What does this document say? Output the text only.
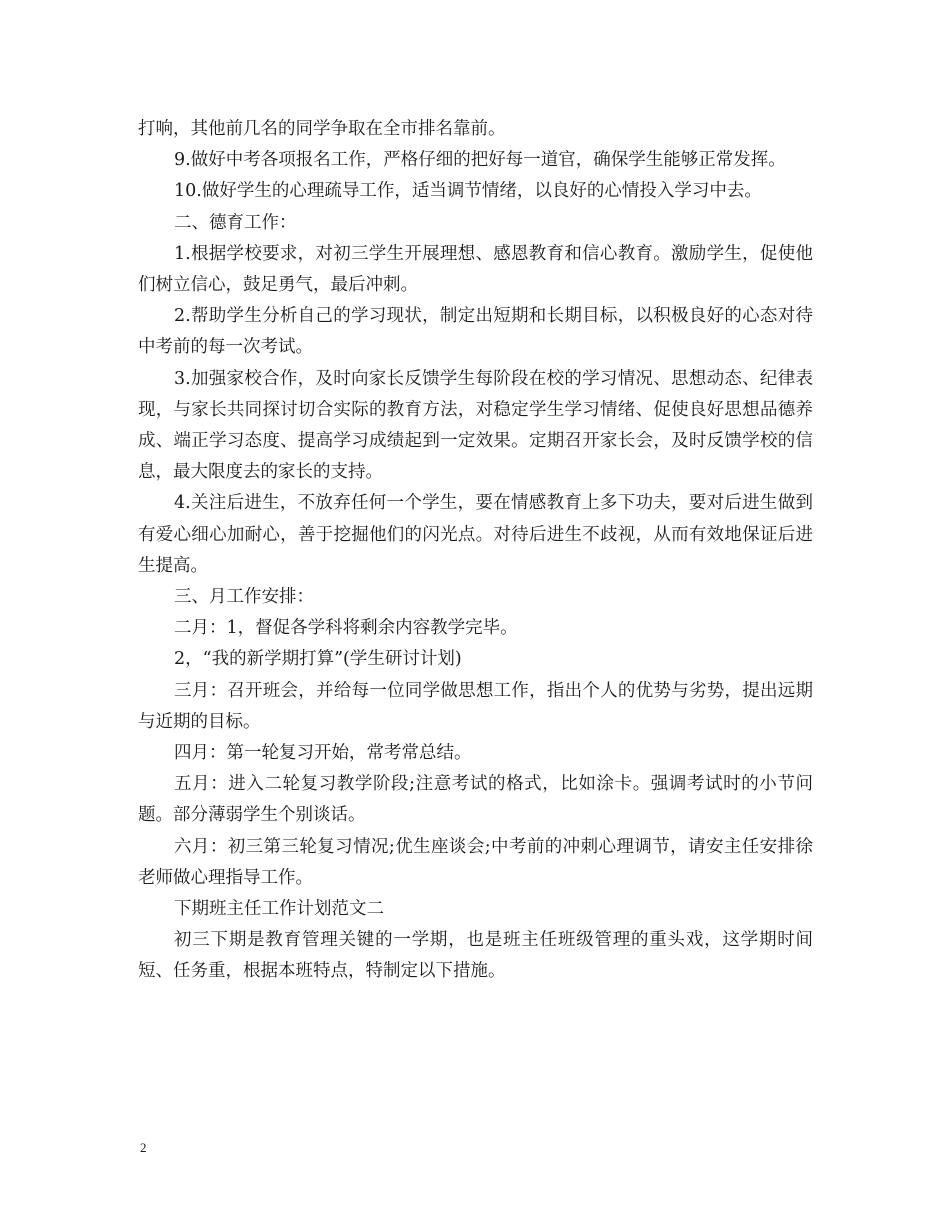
打响，其他前几名的同学争取在全市排名靠前。

9.做好中考各项报名工作，严格仔细的把好每一道官，确保学生能够正常发挥。

10.做好学生的心理疏导工作，适当调节情绪，以良好的心情投入学习中去。

二、德育工作：

1.根据学校要求，对初三学生开展理想、感恩教育和信心教育。激励学生，促使他们树立信心，鼓足勇气，最后冲刺。

2.帮助学生分析自己的学习现状，制定出短期和长期目标，以积极良好的心态对待中考前的每一次考试。

3.加强家校合作，及时向家长反馈学生每阶段在校的学习情况、思想动态、纪律表现，与家长共同探讨切合实际的教育方法，对稳定学生学习情绪、促使良好思想品德养成、端正学习态度、提高学习成绩起到一定效果。定期召开家长会，及时反馈学校的信息，最大限度去的家长的支持。

4.关注后进生，不放弃任何一个学生，要在情感教育上多下功夫，要对后进生做到有爱心细心加耐心，善于挖掘他们的闪光点。对待后进生不歧视，从而有效地保证后进生提高。

三、月工作安排：

二月：1，督促各学科将剩余内容教学完毕。

2，“我的新学期打算”(学生研讨计划)

三月：召开班会，并给每一位同学做思想工作，指出个人的优势与劣势，提出远期与近期的目标。

四月：第一轮复习开始，常考常总结。

五月：进入二轮复习教学阶段;注意考试的格式，比如涂卡。强调考试时的小节问题。部分薄弱学生个别谈话。

六月：初三第三轮复习情况;优生座谈会;中考前的冲刺心理调节，请安主任安排徐老师做心理指导工作。

下期班主任工作计划范文二

初三下期是教育管理关键的一学期，也是班主任班级管理的重头戏，这学期时间短、任务重，根据本班特点，特制定以下措施。

2
